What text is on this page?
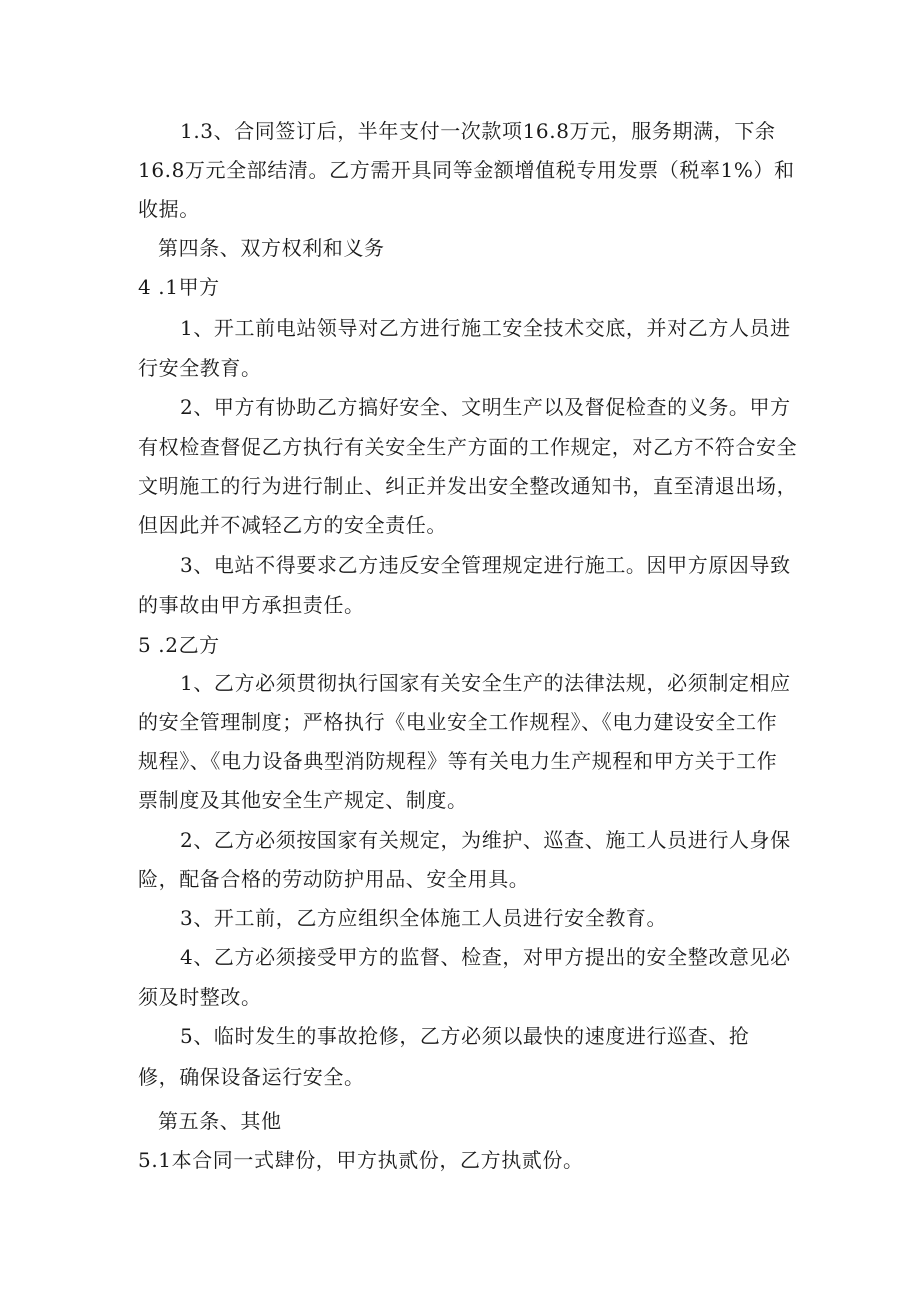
1.3、合同签订后，半年支付一次款项16.8万元，服务期满，下余
16.8万元全部结清。乙方需开具同等金额增值税专用发票（税率1%）和
收据。
第四条、双方权利和义务
4 .1甲方
1、开工前电站领导对乙方进行施工安全技术交底，并对乙方人员进
行安全教育。
2、甲方有协助乙方搞好安全、文明生产以及督促检查的义务。甲方
有权检查督促乙方执行有关安全生产方面的工作规定，对乙方不符合安全
文明施工的行为进行制止、纠正并发出安全整改通知书，直至清退出场，
但因此并不减轻乙方的安全责任。
3、电站不得要求乙方违反安全管理规定进行施工。因甲方原因导致
的事故由甲方承担责任。
5 .2乙方
1、乙方必须贯彻执行国家有关安全生产的法律法规，必须制定相应
的安全管理制度；严格执行《电业安全工作规程》、《电力建设安全工作
规程》、《电力设备典型消防规程》等有关电力生产规程和甲方关于工作
票制度及其他安全生产规定、制度。
2、乙方必须按国家有关规定，为维护、巡查、施工人员进行人身保
险，配备合格的劳动防护用品、安全用具。
3、开工前，乙方应组织全体施工人员进行安全教育。
4、乙方必须接受甲方的监督、检查，对甲方提出的安全整改意见必
须及时整改。
5、临时发生的事故抢修，乙方必须以最快的速度进行巡查、抢
修，确保设备运行安全。
第五条、其他
5.1本合同一式肆份，甲方执贰份，乙方执贰份。
